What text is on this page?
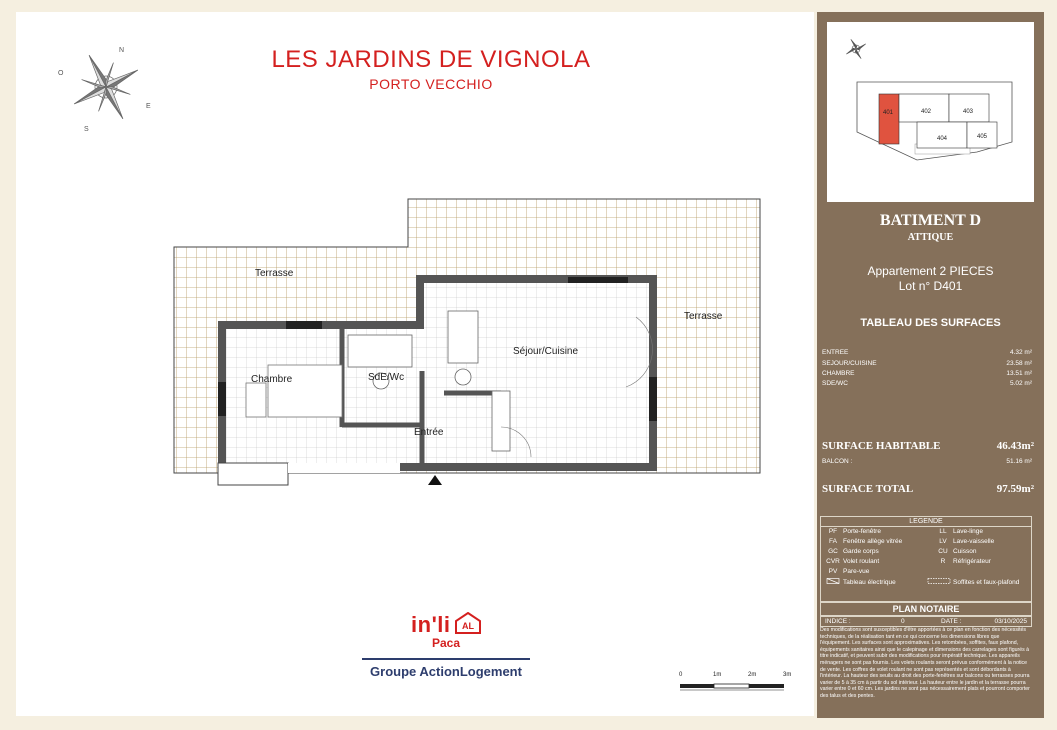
LES JARDINS DE VIGNOLA
PORTO VECCHIO
N
E
S
O
Terrasse
Terrasse
Chambre	SdE/Wc
Séjour/Cuisine
Entrée
in'li AL
Paca
Groupe ActionLogement	0	1m	2m	3m
401	402	403
404	405
BATIMENT D
ATTIQUE
Appartement 2 PIECES
Lot n° D401
TABLEAU DES SURFACES
ENTREE	4.32 m²
SEJOUR/CUISINE	23.58 m²
CHAMBRE	13.51 m²
SDE/WC	5.02 m²
SURFACE HABITABLE	46.43m²
BALCON :	51.16 m²
SURFACE TOTAL	97.59m²
LEGENDE
PF Porte-fenêtre
FA Fenêtre allège vitrée
GC Garde corps
CVR Volet roulant
PV Pare-vue
Tableau électrique
LL Lave-linge
LV Lave-vaisselle
CU Cuisson
R Réfrigérateur
Soffites et faux-plafond
PLAN NOTAIRE
INDICE :	0	DATE :	03/10/2025
Des modifications sont susceptibles d'être apportées à ce plan en fonction des nécessités techniques, de la réalisation tant en ce qui concerne les dimensions libres que l'équipement. Les surfaces sont approximatives. Les retombées, soffites, faux plafond, équipements sanitaires ainsi que le calepinage et dimensions des carrelages sont figurés à titre indicatif, et peuvent subir des modifications pour impératif technique. Les appareils ménagers ne sont pas fournis. Les volets roulants seront prévus conformément à la notice de vente. Les coffres de volet roulant ne sont pas représentés et sont débordants à l'intérieur. La hauteur des seuils au droit des porte-fenêtres sur balcons ou terrasses pourra varier de 5 à 35 cm à partir du sol intérieur. La hauteur entre le jardin et la terrasse pourra varier entre 0 et 60 cm. Les jardins ne sont pas nécessairement plats et pourront comporter des talus et des pentes.
